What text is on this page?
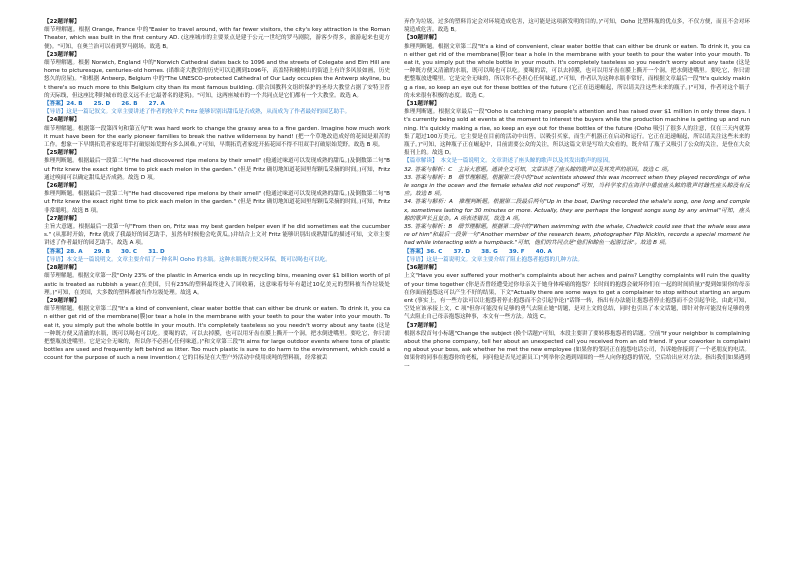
【22题详解】

细节理解题。根据 Orange, France 中的"Easier to travel around, with far fewer visitors, the city's key attraction is the Roman Theater, which was built in the first century AD. (这座城市的主要景点是建于公元一世纪的罗马剧院，游客少得多，旅游起来也更方便)。"可知，在奥兰治可以看到罗马剧场。故选 B。

【23题详解】

细节理解题。根据 Norwich, England 中的"Norwich Cathedral dates back to 1096 and the streets of Colegate and Elm Hill are home to picturesque, centuries-old homes. (诺维奇大教堂的历史可以追溯到1096年，高盖特和榆树山的街道上有许多风景如画，历史悠久的房屋)。"和根据 Antwerp, Belgium 中的"The UNESCO-protected Cathedral of Our Lady occupies the Antwerp skyline, but there's so much more to this Belgium city than its most famous building. (联合国教科文组织保护的圣母大教堂占据了安特卫普的天际线，但这座比利时城市的意义远不止它最著名的建筑)。"可知，这两座城市的一个共同点是它们都有一个大教堂。故选 A。

【答案】24. B　　25. D　　26. B　　27. A

【导语】这是一篇记叙文。文章主要讲述了作者的牧羊犬 Fritz 能够识别出甜瓜是否成熟，从而成为了作者最好的园艺助手。

【24题详解】

细节理解题。根据第一段第四句和第五句"It was hard work to change the grassy area to a fine garden. Imagine how much work it must have been for the early pioneer families to break the native wilderness by hand! (把一个草地改造成好的花园是艰苦的工作。想象一下早期拓荒者家庭用手打破原始荒野有多么困难。)"可知，早期拓荒者家庭开拓花园不得不用双手打破原始荒野。故选 B 项。

【25题详解】

推理判断题。根据最后一段第二句"He had discovered ripe melons by their smell" (他通过味道可以发现成熟的甜瓜。)及倒数第二句"But Fritz knew the exact right time to pick each melon in the garden." (但是 Fritz 确切地知道花园里每颗瓜采摘的时间。)可知，Fritz 通过嗅闻可以确定甜瓜是否成熟。故选 D 项。

【26题详解】

推理判断题。根据最后一段第二句"He had discovered ripe melons by their smell" (他通过味道可以发现成熟的甜瓜。)及倒数第二句"But Fritz knew the exact right time to pick each melon in the garden." (但是 Fritz 确切地知道花园里每颗瓜采摘的时间。)可知，Fritz 非常聪明。故选 B 项。

【27题详解】

主旨大意题。根据最后一段第一句"From then on, Fritz was my best garden helper even if he did sometimes eat the cucumbers." (从那时开始，Fritz 就成了我最好的园艺助手，虽然有时候他会吃黄瓜。)并结合上文对 Fritz 能够识别出成熟甜瓜的描述可知，文章主要讲述了作者最好的园艺助手。故选 A 项。

【答案】28. A　　29. B　　30. C　　31. D

【导语】本文是一篇说明文。文章主要介绍了一种名叫 Ooho 的水瓶。这种水瓶既方便又环保，既可以喝也可以吃。

【28题详解】

细节理解题。根据文章第一段"Only 23% of the plastic in America ends up in recycling bins, meaning over $1 billion worth of plastic is treated as rubbish a year.(在美国，只有23%的塑料最终进入了回收箱，这意味着每年有超过10亿美元的塑料被当作垃圾处理。)"可知，在美国，大多数的塑料都被当作垃圾处理。故选 A。

【29题详解】

细节理解题。根据文章第二段"It's a kind of convenient, clear water bottle that can either be drunk or eaten. To drink it, you can either get rid of the membrane(膜)or tear a hole in the membrane with your teeth to pour the water into your mouth. To eat it, you simply put the whole bottle in your mouth. It's completely tasteless so you needn't worry about any taste (这是一种既方便又清澈的水瓶，既可以喝也可以吃。要喝的话，可以去掉膜，也可以用牙齿在膜上撕开一个洞，把水倒进嘴里。要吃它，你只需把整瓶放进嘴里。它是完全无味的，所以你不必担心任何味道。)"和文章第三段"It aims for large outdoor events where tons of plastic bottles are used and frequently left behind as litter. Too much plastic is sure to do harm to the environment, which could account for the purpose of such a new invention.( 它的目标是在大型户外活动中使用成吨的塑料瓶，经常被丢

弃作为垃圾。过多的塑料肯定会对环境造成危害，这可能是这项新发明的目的。)"可知，Ooho 比塑料瓶的优点多，不仅方便，而且不会对环境造成危害。故选 B。

【30题详解】

推理判断题。根据文章第二段"It's a kind of convenient, clear water bottle that can either be drunk or eaten. To drink it, you can either get rid of the membrane(膜)or tear a hole in the membrane with your teeth to pour the water into your mouth. To eat it, you simply put the whole bottle in your mouth. It's completely tasteless so you needn't worry about any taste (这是一种既方便又清澈的水瓶，既可以喝也可以吃。要喝的话，可以去掉膜，也可以用牙齿在膜上撕开一个洞，把水倒进嘴里。要吃它，你只需把整瓶放进嘴里。它是完全无味的，所以你不必担心任何味道。)"可知，作者认为这种水瓶非常好，而根据文章最后一段"It's quickly making a rise, so keep an eye out for these bottles of the future (它正在迅速崛起，所以请关注这些未来的瓶子。)"可知，作者对这个瓶子的未来很有积极的态度。故选 C。

【31题详解】

推理判断题。根据文章最后一段"Ooho is catching many people's attention and has raised over $1 million in only three days. It's currently being sold at events at the moment to interest the buyers while the production machine is getting up and running. It's quickly making a rise, so keep an eye out for these bottles of the future (Ooho 吸引了很多人的注意，仅在三天内就筹集了超过100万美元。它主要是在目前的活动中出售，以吸引买家，而生产机器正在启动和运行。它正在迅速崛起，所以请关注这些未来的瓶子。)"可知，这种瓶子正在崛起中，目前需要公众的关注，所以这篇文章是写给大众看的，既介绍了瓶子又吸引了公众的关注，是登在大众报刊上的。故选 D。

【篇章解读】　本文是一篇说明文。文章讲述了座头鲸的歌声以及其发出歌声的原因。

32. 答案与解析：C　主旨大意题。通读全文可知，文章讲述了座头鲸的歌声以及其发声的原因。故选 C 项。

33. 答案与解析：B　细节理解题。根据第三段中的"but scientists showed this was incorrect when they played recordings of whale songs in the ocean and the female whales did not respond"可知，当科学家们在海洋中播放座头鲸的歌声时雌性座头鲸没有反应。故选 B 项。

34. 答案与解析：A　推理判断题。根据第二段最后两句"Up in the boat, Darling recorded the whale's song, one long and complex, sometimes lasting for 30 minutes or more. Actually, they are perhaps the longest songs sung by any animal"可知，座头鲸的歌声长且复杂。A 项表述错误，故选 A 项。

35. 答案与解析：B　细节理解题。根据第二段中的"When swimming with the whale, Chadwick could see that the whale was aware of him"和最后一段第一句"Another member of the research team, photographer Flip Nicklin, records a special moment he had while interacting with a humpback."可知，他们的共同点是"他们和鲸鱼一起游过泳"。故选 B 项。

【答案】36. C　　37. D　　38. G　　39. F　　40. A

【导语】这是一篇说明文。文章主要介绍了阻止抱怨者抱怨的几种方法。

【36题详解】

上文"Have you ever suffered your mother's complaints about her aches and pains? Lengthy complaints will ruin the quality of your time together (你是否曾经遭受过你母亲关于她身体疼痛的抱怨？长时间的抱怨会破坏你们在一起的时间质量)"提到如果你的母亲在你面前抱怨这可以产生不好的结果，下文"Actually there are some ways to get a complainer to stop without starting an argument (事实上，有一些方法可以让抱怨者停止抱怨而不会引起争论)"话锋一转，指出有办法能让抱怨者停止抱怨而不会引起争论，由此可知，空处应该承接上文，C 项"但你可能没有足够的勇气去阻止她"切题，是对上文的总结，同时也引出了本文话题，即针对你可能没有足够的勇气去阻止自己母亲抱怨这种事，本文有一些方法。故选 C。

【37题详解】

根据本段首句小标题"Change the subject (换个话题)"可知，本段主要讲了要转移抱怨者的话题。空前"If your neighbor is complaining about the phone company, tell her about an unexpected call you received from an old friend. If your coworker is complaining about your boss, ask whether he met the new employee (如果你的邻居正在抱怨电话公司，告诉她你接到了一个老朋友的电话。如果你的同事在抱怨你的老板，问问他是否见过新员工)"列举你会遇到周围的一些人向你抱怨的情况，空后给出应对方法。指出我们如果遇到一
